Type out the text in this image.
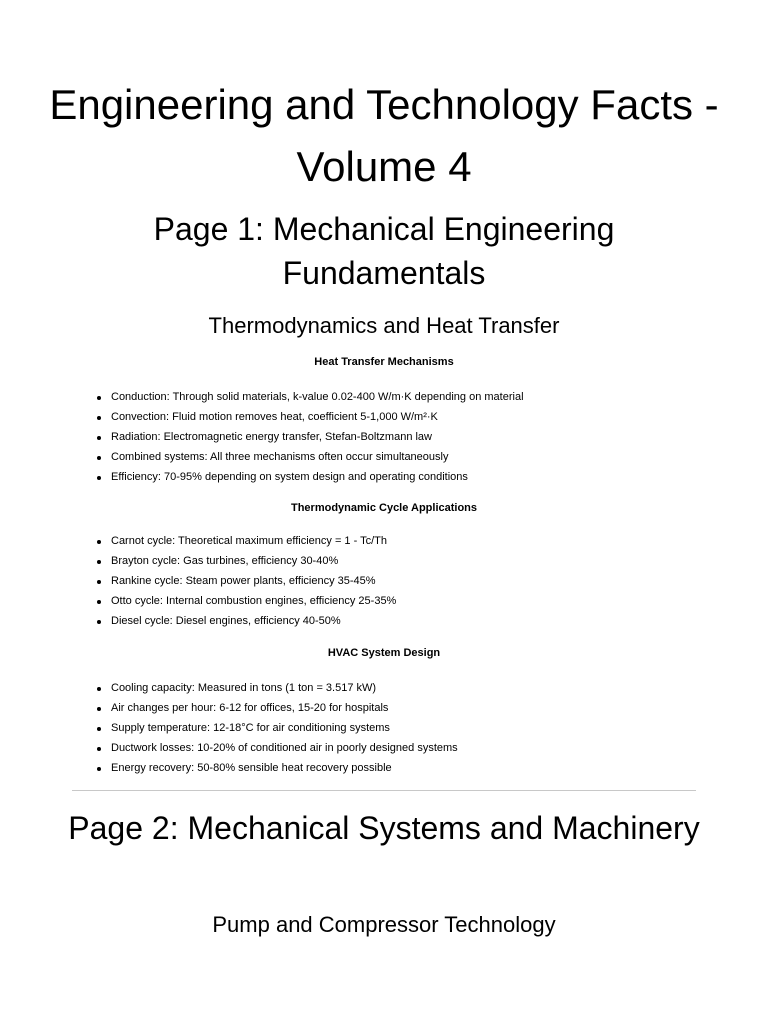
Engineering and Technology Facts - Volume 4
Page 1: Mechanical Engineering Fundamentals
Thermodynamics and Heat Transfer
Heat Transfer Mechanisms
Conduction: Through solid materials, k-value 0.02-400 W/m·K depending on material
Convection: Fluid motion removes heat, coefficient 5-1,000 W/m²·K
Radiation: Electromagnetic energy transfer, Stefan-Boltzmann law
Combined systems: All three mechanisms often occur simultaneously
Efficiency: 70-95% depending on system design and operating conditions
Thermodynamic Cycle Applications
Carnot cycle: Theoretical maximum efficiency = 1 - Tc/Th
Brayton cycle: Gas turbines, efficiency 30-40%
Rankine cycle: Steam power plants, efficiency 35-45%
Otto cycle: Internal combustion engines, efficiency 25-35%
Diesel cycle: Diesel engines, efficiency 40-50%
HVAC System Design
Cooling capacity: Measured in tons (1 ton = 3.517 kW)
Air changes per hour: 6-12 for offices, 15-20 for hospitals
Supply temperature: 12-18°C for air conditioning systems
Ductwork losses: 10-20% of conditioned air in poorly designed systems
Energy recovery: 50-80% sensible heat recovery possible
Page 2: Mechanical Systems and Machinery
Pump and Compressor Technology
